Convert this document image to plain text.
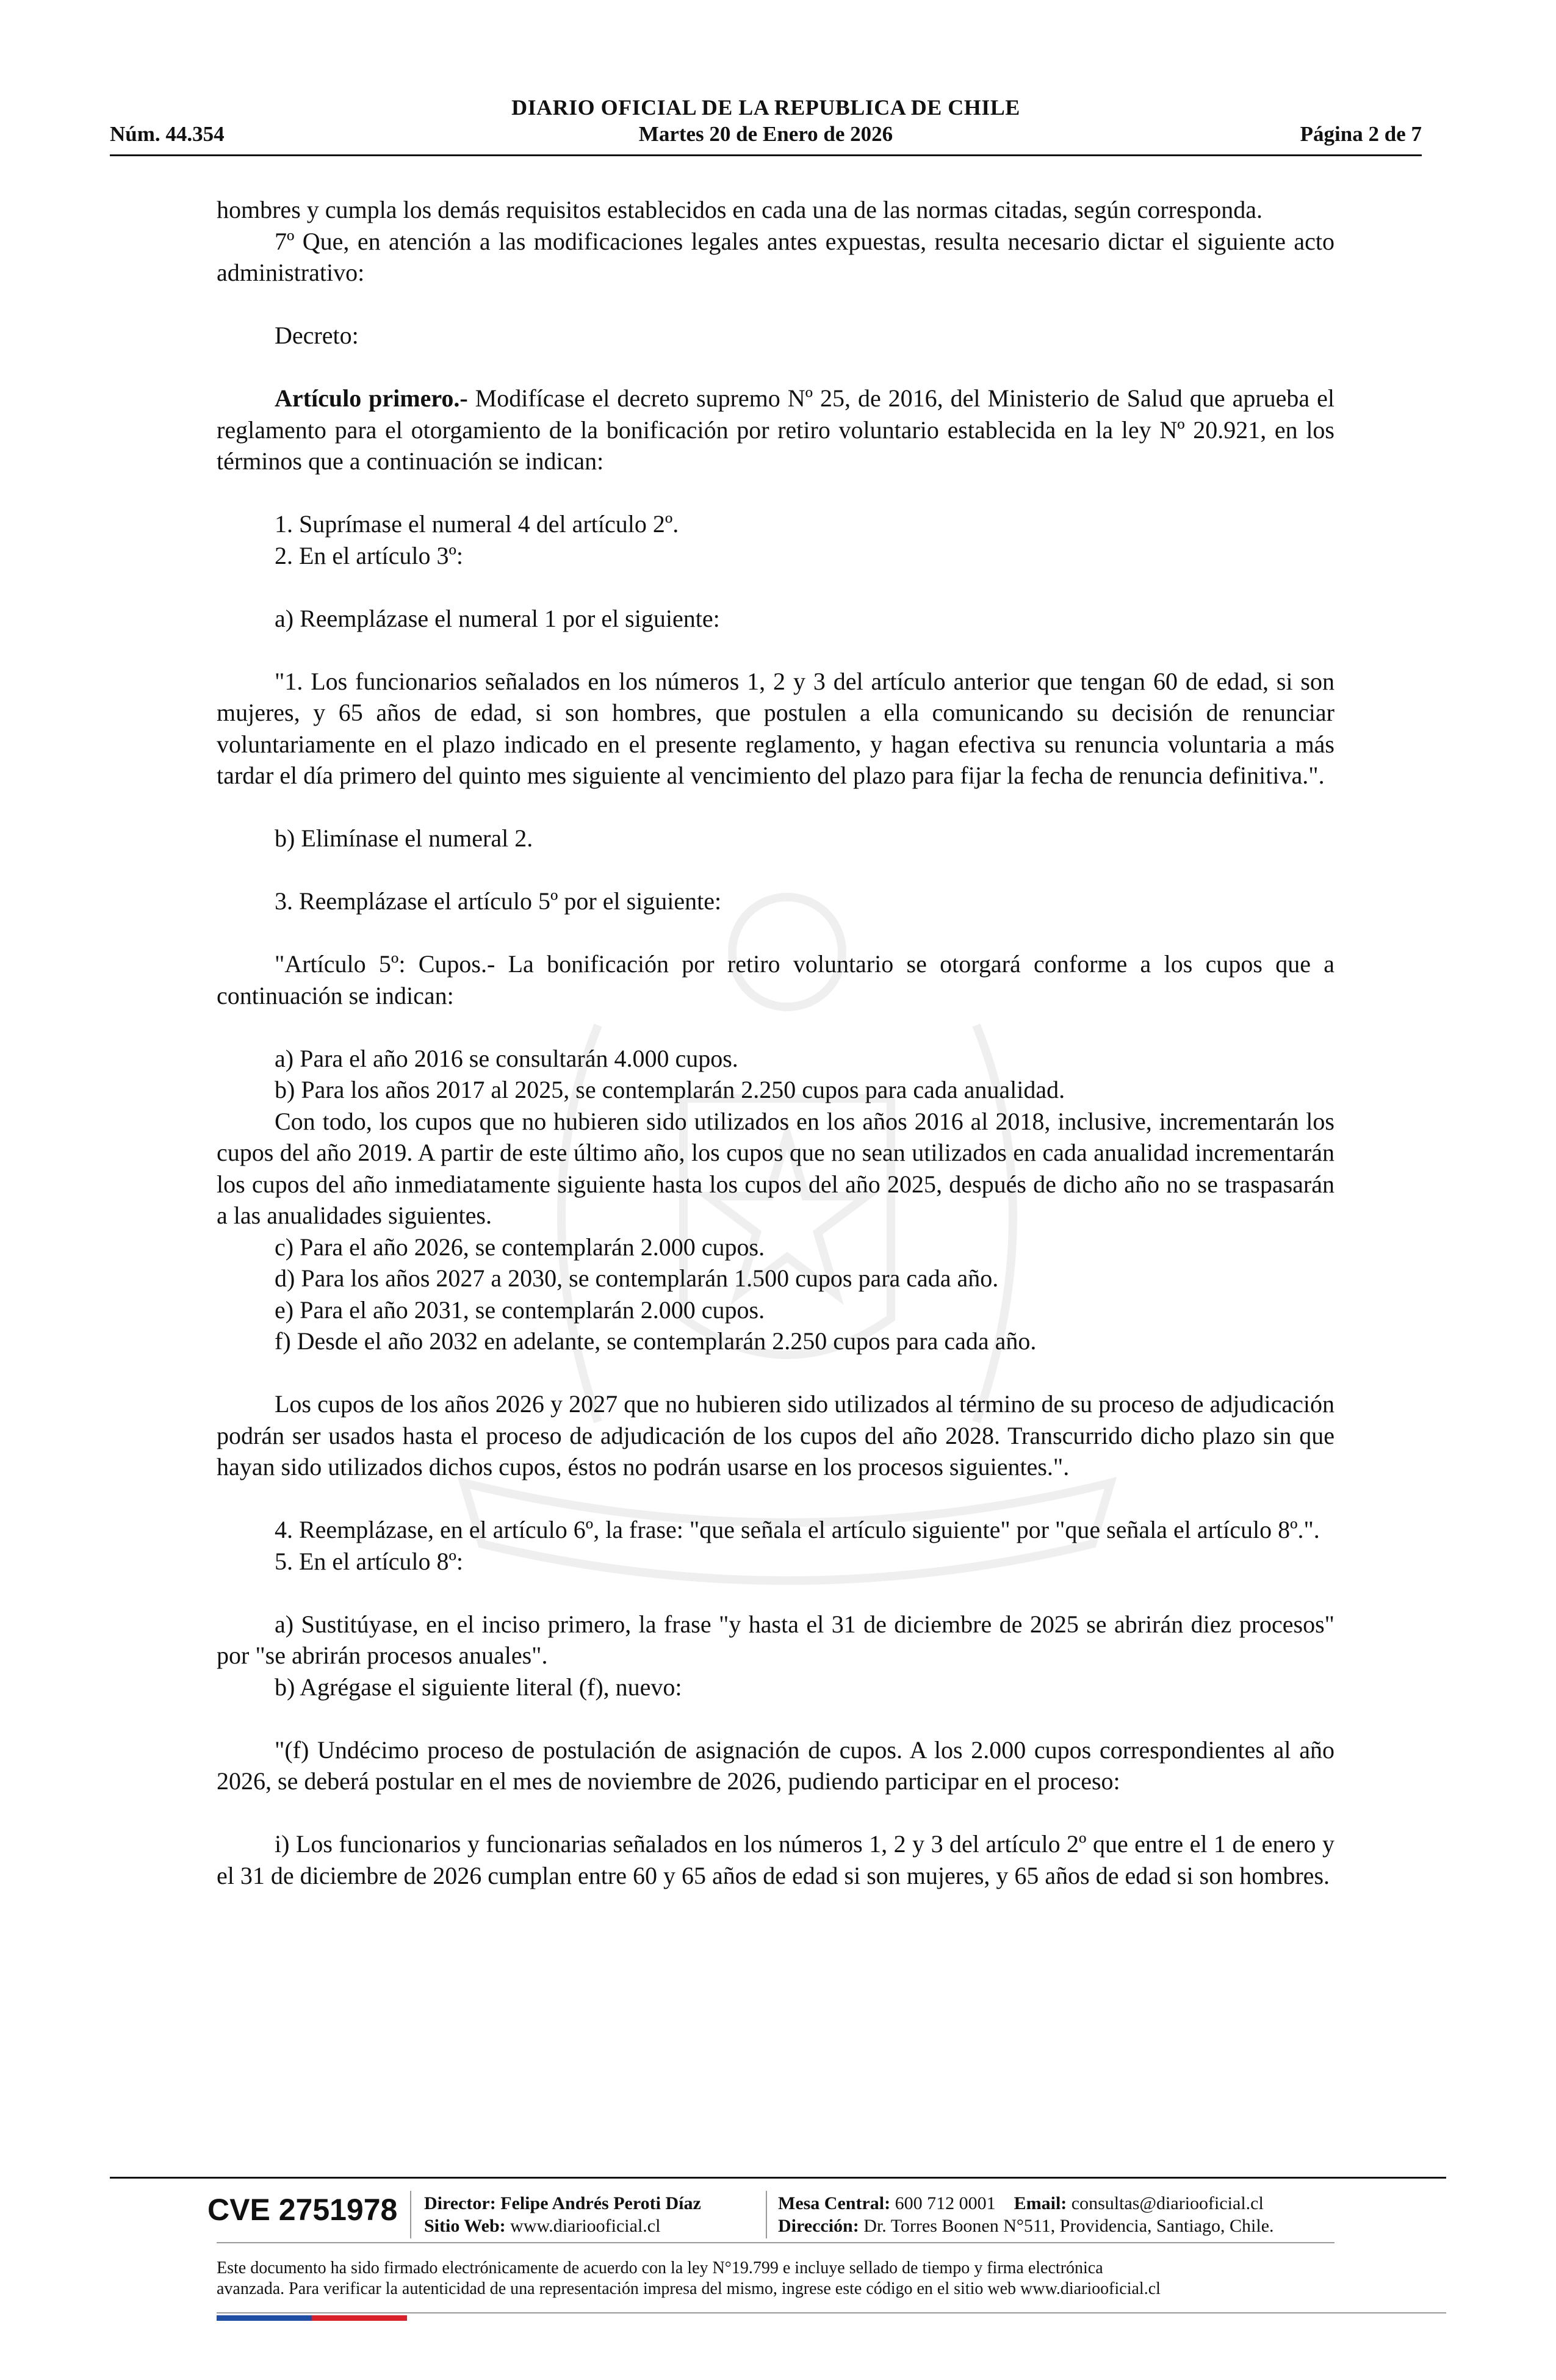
DIARIO OFICIAL DE LA REPUBLICA DE CHILE
Núm. 44.354	Martes 20 de Enero de 2026	Página 2 de 7

hombres y cumpla los demás requisitos establecidos en cada una de las normas citadas, según corresponda.

7º Que, en atención a las modificaciones legales antes expuestas, resulta necesario dictar el siguiente acto administrativo:

Decreto:

Artículo primero.- Modifícase el decreto supremo Nº 25, de 2016, del Ministerio de Salud que aprueba el reglamento para el otorgamiento de la bonificación por retiro voluntario establecida en la ley Nº 20.921, en los términos que a continuación se indican:

1. Suprímase el numeral 4 del artículo 2º.

2. En el artículo 3º:

a) Reemplázase el numeral 1 por el siguiente:

"1. Los funcionarios señalados en los números 1, 2 y 3 del artículo anterior que tengan 60 de edad, si son mujeres, y 65 años de edad, si son hombres, que postulen a ella comunicando su decisión de renunciar voluntariamente en el plazo indicado en el presente reglamento, y hagan efectiva su renuncia voluntaria a más tardar el día primero del quinto mes siguiente al vencimiento del plazo para fijar la fecha de renuncia definitiva.".

b) Elimínase el numeral 2.

3. Reemplázase el artículo 5º por el siguiente:

"Artículo 5º: Cupos.- La bonificación por retiro voluntario se otorgará conforme a los cupos que a continuación se indican:

a) Para el año 2016 se consultarán 4.000 cupos.

b) Para los años 2017 al 2025, se contemplarán 2.250 cupos para cada anualidad.

Con todo, los cupos que no hubieren sido utilizados en los años 2016 al 2018, inclusive, incrementarán los cupos del año 2019. A partir de este último año, los cupos que no sean utilizados en cada anualidad incrementarán los cupos del año inmediatamente siguiente hasta los cupos del año 2025, después de dicho año no se traspasarán a las anualidades siguientes.

c) Para el año 2026, se contemplarán 2.000 cupos.

d) Para los años 2027 a 2030, se contemplarán 1.500 cupos para cada año.

e) Para el año 2031, se contemplarán 2.000 cupos.

f) Desde el año 2032 en adelante, se contemplarán 2.250 cupos para cada año.

Los cupos de los años 2026 y 2027 que no hubieren sido utilizados al término de su proceso de adjudicación podrán ser usados hasta el proceso de adjudicación de los cupos del año 2028. Transcurrido dicho plazo sin que hayan sido utilizados dichos cupos, éstos no podrán usarse en los procesos siguientes.".

4. Reemplázase, en el artículo 6º, la frase: "que señala el artículo siguiente" por "que señala el artículo 8º.".

5. En el artículo 8º:

a) Sustitúyase, en el inciso primero, la frase "y hasta el 31 de diciembre de 2025 se abrirán diez procesos" por "se abrirán procesos anuales".

b) Agrégase el siguiente literal (f), nuevo:

"(f) Undécimo proceso de postulación de asignación de cupos. A los 2.000 cupos correspondientes al año 2026, se deberá postular en el mes de noviembre de 2026, pudiendo participar en el proceso:

i) Los funcionarios y funcionarias señalados en los números 1, 2 y 3 del artículo 2º que entre el 1 de enero y el 31 de diciembre de 2026 cumplan entre 60 y 65 años de edad si son mujeres, y 65 años de edad si son hombres.

CVE 2751978 Director: Felipe Andrés Peroti Díaz
Sitio Web: www.diariooficial.cl
Mesa Central: 600 712 0001 Email: consultas@diariooficial.cl
Dirección: Dr. Torres Boonen N°511, Providencia, Santiago, Chile.
Este documento ha sido firmado electrónicamente de acuerdo con la ley N°19.799 e incluye sellado de tiempo y firma electrónica
avanzada. Para verificar la autenticidad de una representación impresa del mismo, ingrese este código en el sitio web www.diariooficial.cl
